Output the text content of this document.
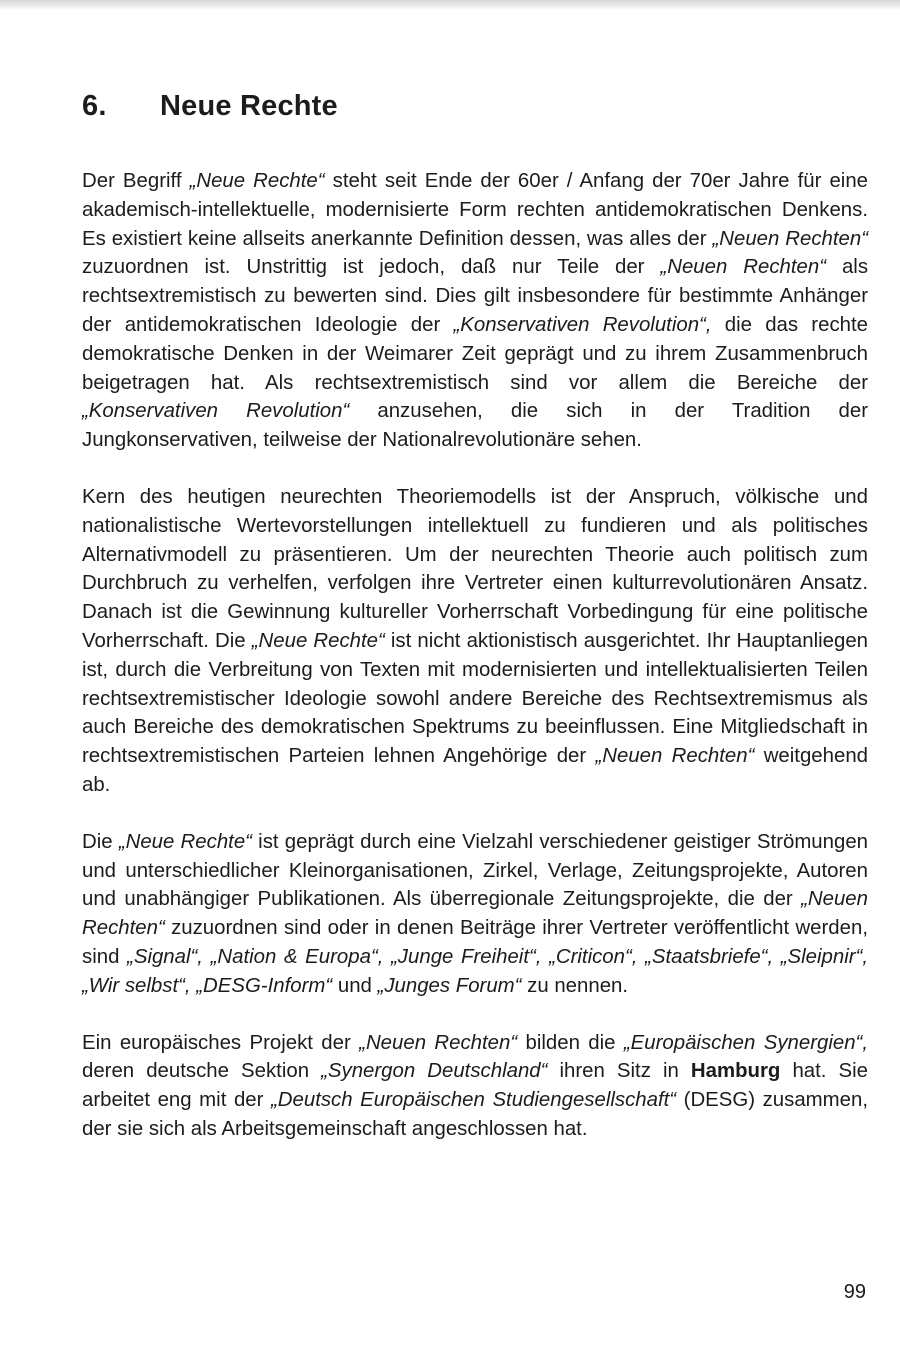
6. Neue Rechte

Der Begriff „Neue Rechte“ steht seit Ende der 60er / Anfang der 70er Jahre für eine akademisch-intellektuelle, modernisierte Form rechten antidemokratischen Denkens. Es existiert keine allseits anerkannte Definition dessen, was alles der „Neuen Rechten“ zuzuordnen ist. Unstrittig ist jedoch, daß nur Teile der „Neuen Rechten“ als rechtsextremistisch zu bewerten sind. Dies gilt insbesondere für bestimmte Anhänger der antidemokratischen Ideologie der „Konservativen Revolution“, die das rechte demokratische Denken in der Weimarer Zeit geprägt und zu ihrem Zusammenbruch beigetragen hat. Als rechtsextremistisch sind vor allem die Bereiche der „Konservativen Revolution“ anzusehen, die sich in der Tradition der Jungkonservativen, teilweise der Nationalrevolutionäre sehen.

Kern des heutigen neurechten Theoriemodells ist der Anspruch, völkische und nationalistische Wertevorstellungen intellektuell zu fundieren und als politisches Alternativmodell zu präsentieren. Um der neurechten Theorie auch politisch zum Durchbruch zu verhelfen, verfolgen ihre Vertreter einen kulturrevolutionären Ansatz. Danach ist die Gewinnung kultureller Vorherrschaft Vorbedingung für eine politische Vorherrschaft. Die „Neue Rechte“ ist nicht aktionistisch ausgerichtet. Ihr Hauptanliegen ist, durch die Verbreitung von Texten mit modernisierten und intellektualisierten Teilen rechtsextremistischer Ideologie sowohl andere Bereiche des Rechtsextremismus als auch Bereiche des demokratischen Spektrums zu beeinflussen. Eine Mitgliedschaft in rechtsextremistischen Parteien lehnen Angehörige der „Neuen Rechten“ weitgehend ab.

Die „Neue Rechte“ ist geprägt durch eine Vielzahl verschiedener geistiger Strömungen und unterschiedlicher Kleinorganisationen, Zirkel, Verlage, Zeitungsprojekte, Autoren und unabhängiger Publikationen. Als überregionale Zeitungsprojekte, die der „Neuen Rechten“ zuzuordnen sind oder in denen Beiträge ihrer Vertreter veröffentlicht werden, sind „Signal“, „Nation & Europa“, „Junge Freiheit“, „Criticon“, „Staatsbriefe“, „Sleipnir“, „Wir selbst“, „DESG-Inform“ und „Junges Forum“ zu nennen.

Ein europäisches Projekt der „Neuen Rechten“ bilden die „Europäischen Synergien“, deren deutsche Sektion „Synergon Deutschland“ ihren Sitz in Hamburg hat. Sie arbeitet eng mit der „Deutsch Europäischen Studiengesellschaft“ (DESG) zusammen, der sie sich als Arbeitsgemeinschaft angeschlossen hat.

99
